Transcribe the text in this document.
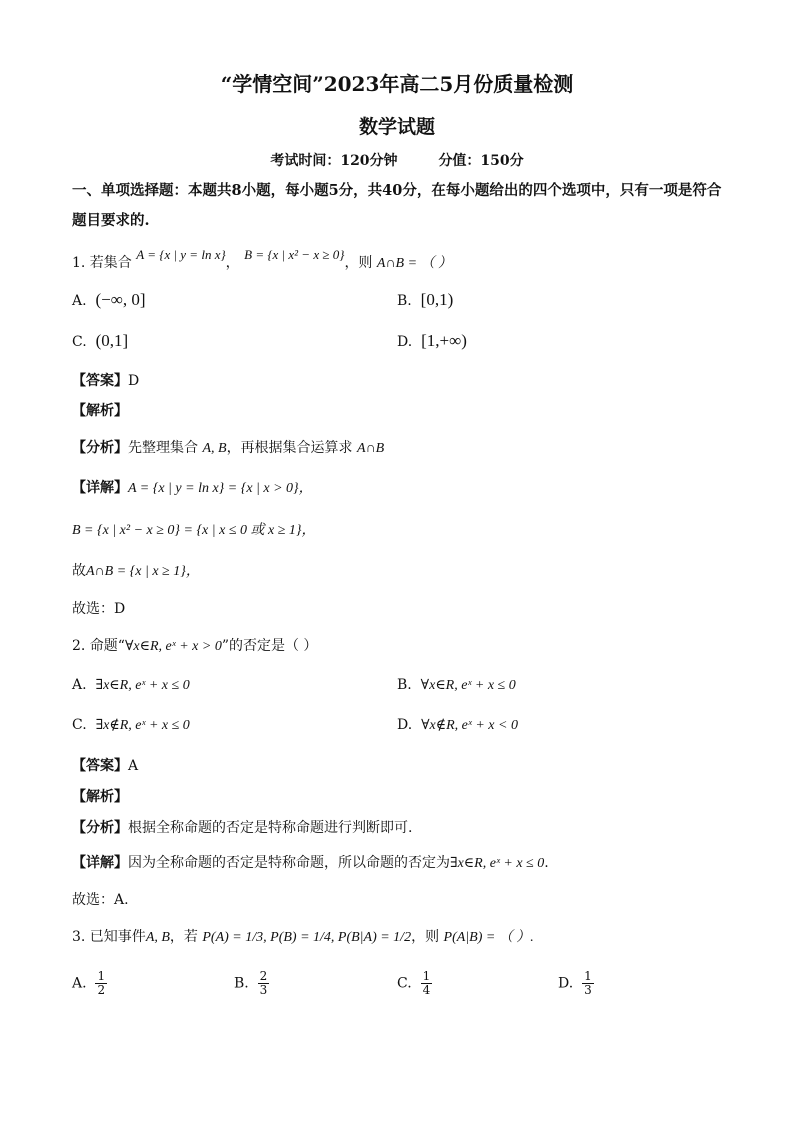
“学情空间”2023年高二5月份质量检测
数学试题
考试时间：120分钟	分值：150分
一、单项选择题：本题共8小题，每小题5分，共40分，在每小题给出的四个选项中，只有一项是符合题目要求的.
1. 若集合 A = {x | y = ln x}， B = {x | x² − x ≥ 0}，则 A∩B = （ ）
A. (−∞, 0]	B. [0,1)
C. (0,1]	D. [1,+∞)
【答案】D
【解析】
【分析】先整理集合 A, B，再根据集合运算求 A∩B
【详解】A = {x | y = ln x} = {x | x > 0}，
B = {x | x² − x ≥ 0} = {x | x ≤ 0 或 x ≥ 1}，
故A∩B = {x | x ≥ 1}，
故选：D
2. 命题“∀x∈R, eˣ + x > 0”的否定是（ ）
A. ∃x∈R, eˣ + x ≤ 0	B. ∀x∈R, eˣ + x ≤ 0
C. ∃x∉R, eˣ + x ≤ 0	D. ∀x∉R, eˣ + x < 0
【答案】A
【解析】
【分析】根据全称命题的否定是特称命题进行判断即可.
【详解】因为全称命题的否定是特称命题，所以命题的否定为∃x∈R, eˣ + x ≤ 0.
故选：A.
3. 已知事件A, B，若 P(A) = 1/3, P(B) = 1/4, P(B|A) = 1/2，则 P(A|B) = （ ）.
A. $\frac{1}{2}$	B. $\frac{2}{3}$	C. $\frac{1}{4}$	D. $\frac{1}{3}$
